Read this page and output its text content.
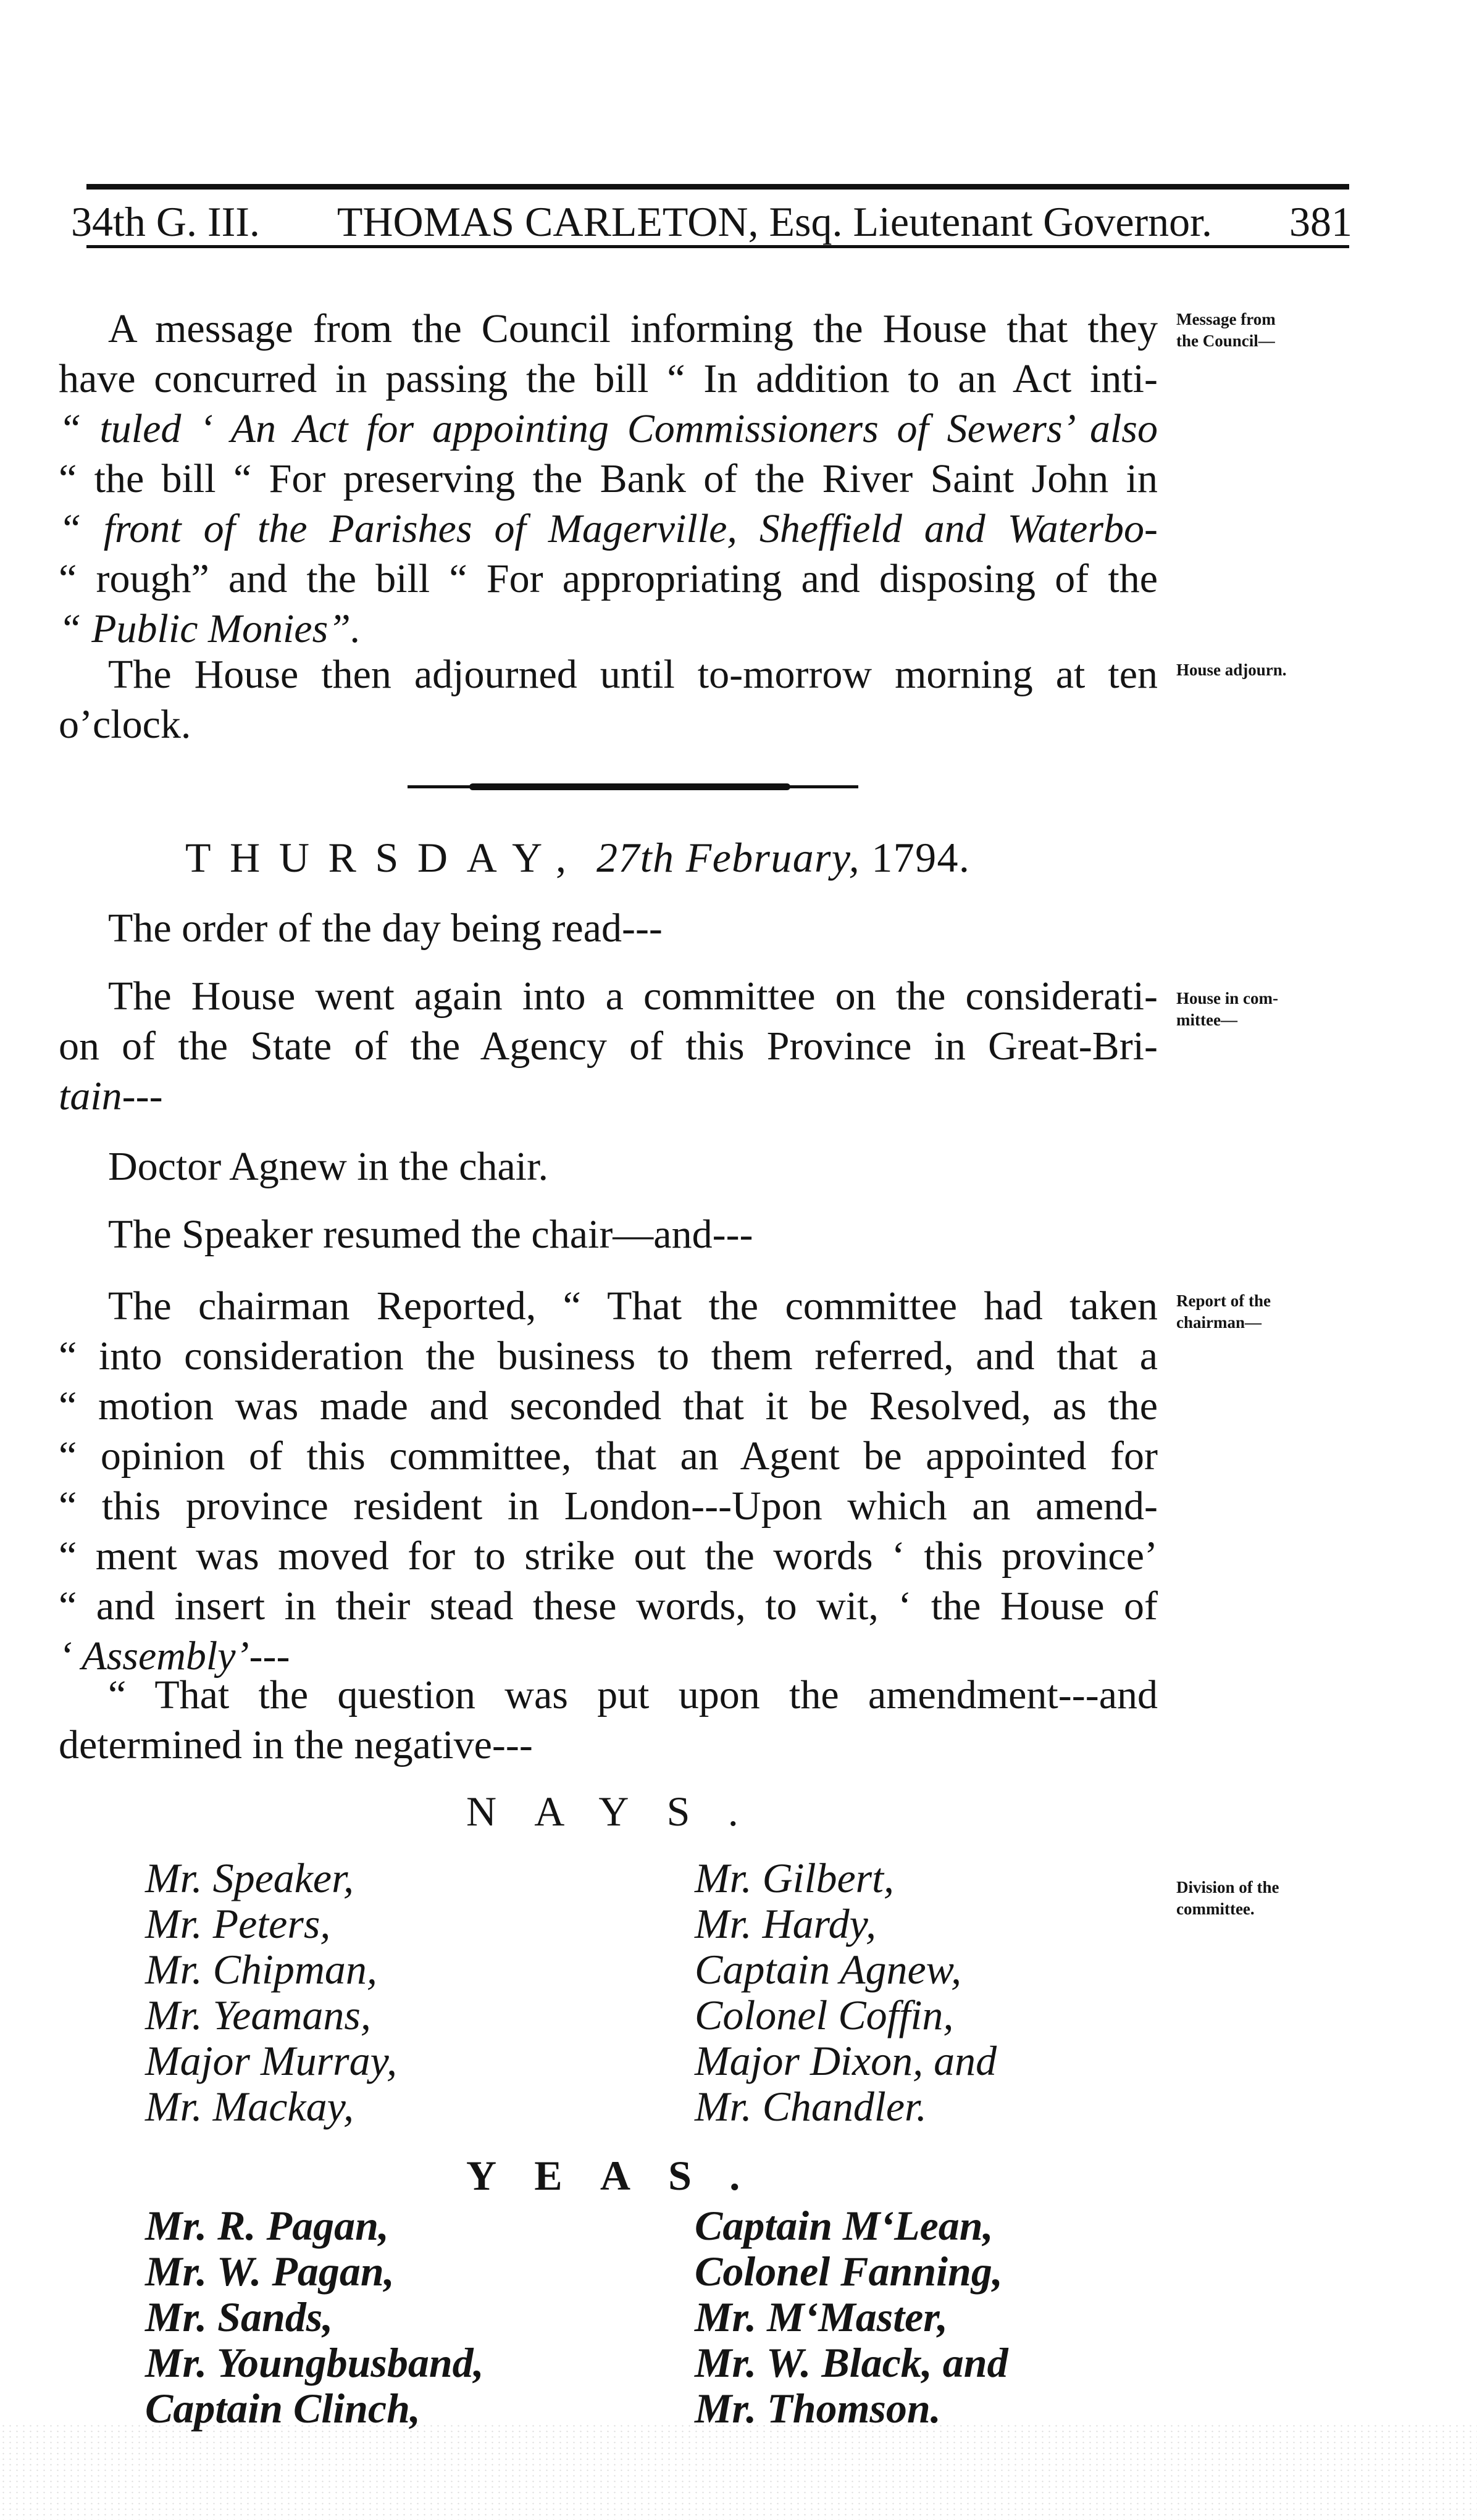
34th G. III. THOMAS CARLETON, Esq. Lieutenant Governor. 381
A message from the Council informing the House that they
have concurred in passing the bill “ In addition to an Act inti-
“ tuled ‘ An Act for appointing Commissioners of Sewers’ also
“ the bill “ For preserving the Bank of the River Saint John in
“ front of the Parishes of Magerville, Sheffield and Waterbo-
“ rough” and the bill “ For appropriating and disposing of the
“ Public Monies”.
Message from
the Council—
The House then adjourned until to-morrow morning at ten
o’clock.
House adjourn.
THURSDAY, 27th February, 1794.
The order of the day being read---
The House went again into a committee on the considerati-
on of the State of the Agency of this Province in Great-Bri-
tain---
House in com-
mittee—
Doctor Agnew in the chair.
The Speaker resumed the chair—and---
The chairman Reported, “ That the committee had taken
“ into consideration the business to them referred, and that a
“ motion was made and seconded that it be Resolved, as the
“ opinion of this committee, that an Agent be appointed for
“ this province resident in London---Upon which an amend-
“ ment was moved for to strike out the words ‘ this province’
“ and insert in their stead these words, to wit, ‘ the House of
‘ Assembly’---
Report of the
chairman—
“ That the question was put upon the amendment---and
determined in the negative---
NAYS.
Mr. Speaker,
Mr. Peters,
Mr. Chipman,
Mr. Yeamans,
Major Murray,
Mr. Mackay,
Mr. Gilbert,
Mr. Hardy,
Captain Agnew,
Colonel Coffin,
Major Dixon, and
Mr. Chandler.
Division of the
committee.
YEAS.
Mr. R. Pagan,
Mr. W. Pagan,
Mr. Sands,
Mr. Youngbusband,
Captain Clinch,
Captain M‘Lean,
Colonel Fanning,
Mr. M‘Master,
Mr. W. Black, and
Mr. Thomson.
